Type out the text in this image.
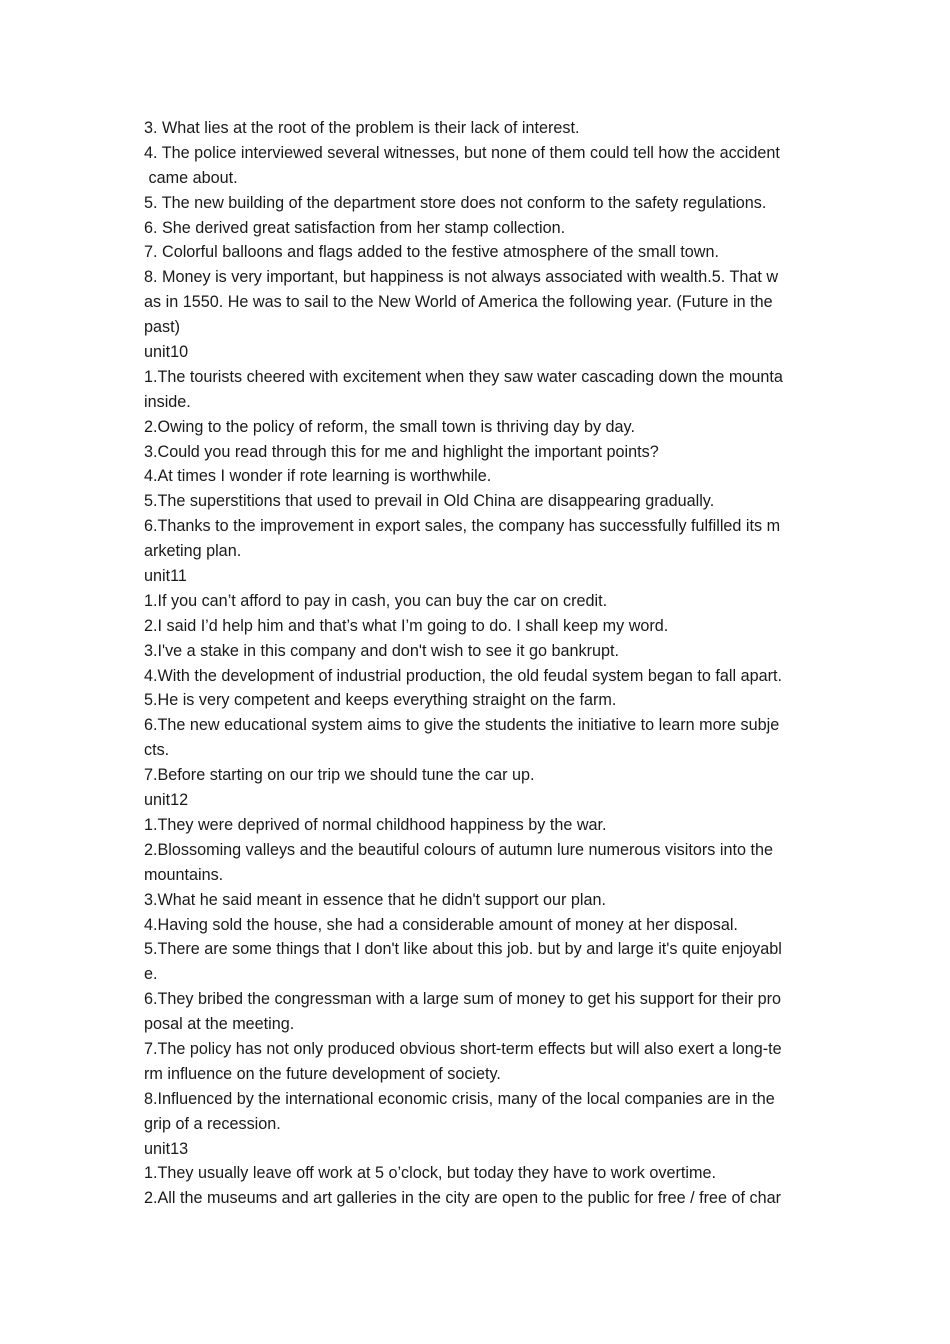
3. What lies at the root of the problem is their lack of interest.
4. The police interviewed several witnesses, but none of them could tell how the accident
came about.
5. The new building of the department store does not conform to the safety regulations.
6. She derived great satisfaction from her stamp collection.
7. Colorful balloons and flags added to the festive atmosphere of the small town.
8. Money is very important, but happiness is not always associated with wealth.5. That w
as in 1550. He was to sail to the New World of America the following year. (Future in the
past)
unit10
1.The tourists cheered with excitement when they saw water cascading down the mounta
inside.
2.Owing to the policy of reform, the small town is thriving day by day.
3.Could you read through this for me and highlight the important points?
4.At times I wonder if rote learning is worthwhile.
5.The superstitions that used to prevail in Old China are disappearing gradually.
6.Thanks to the improvement in export sales, the company has successfully fulfilled its m
arketing plan.
unit11
1.If you can’t afford to pay in cash, you can buy the car on credit.
2.I said I’d help him and that’s what I’m going to do. I shall keep my word.
3.I've a stake in this company and don't wish to see it go bankrupt.
4.With the development of industrial production, the old feudal system began to fall apart.
5.He is very competent and keeps everything straight on the farm.
6.The new educational system aims to give the students the initiative to learn more subje
cts.
7.Before starting on our trip we should tune the car up.
unit12
1.They were deprived of normal childhood happiness by the war.
2.Blossoming valleys and the beautiful colours of autumn lure numerous visitors into the
mountains.
3.What he said meant in essence that he didn't support our plan.
4.Having sold the house, she had a considerable amount of money at her disposal.
5.There are some things that I don't like about this job. but by and large it's quite enjoyabl
e.
6.They bribed the congressman with a large sum of money to get his support for their pro
posal at the meeting.
7.The policy has not only produced obvious short-term effects but will also exert a long-te
rm influence on the future development of society.
8.Influenced by the international economic crisis, many of the local companies are in the
grip of a recession.
unit13
1.They usually leave off work at 5 o’clock, but today they have to work overtime.
2.All the museums and art galleries in the city are open to the public for free / free of char
